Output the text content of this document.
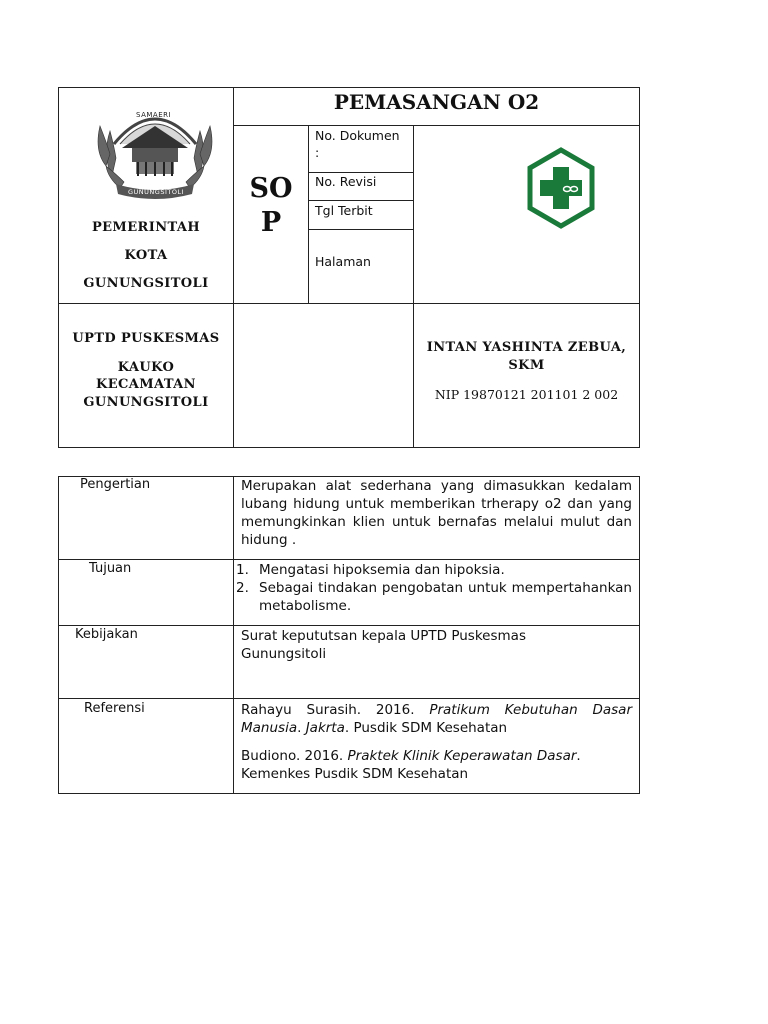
SAMAERI
GUNUNGSITOLI
PEMERINTAH
KOTA
GUNUNGSITOLI
PEMASANGAN O2
SO
P
No. Dokumen :
No. Revisi
Tgl Terbit
Halaman
UPTD PUSKESMAS
KAUKO
KECAMATAN
GUNUNGSITOLI
INTAN YASHINTA ZEBUA, SKM
NIP 19870121 201101 2 002
Pengertian	Merupakan alat sederhana yang dimasukkan kedalam lubang hidung untuk memberikan trherapy o2 dan yang memungkinkan klien untuk bernafas melalui mulut dan hidung .
Tujuan	1. Mengatasi hipoksemia dan hipoksia.
2. Sebagai tindakan pengobatan untuk mempertahankan metabolisme.
Kebijakan	Surat kepututsan kepala UPTD Puskesmas Gunungsitoli
Referensi	Rahayu Surasih. 2016. Pratikum Kebutuhan Dasar Manusia. Jakrta. Pusdik SDM Kesehatan
Budiono. 2016. Praktek Klinik Keperawatan Dasar. Kemenkes Pusdik SDM Kesehatan
